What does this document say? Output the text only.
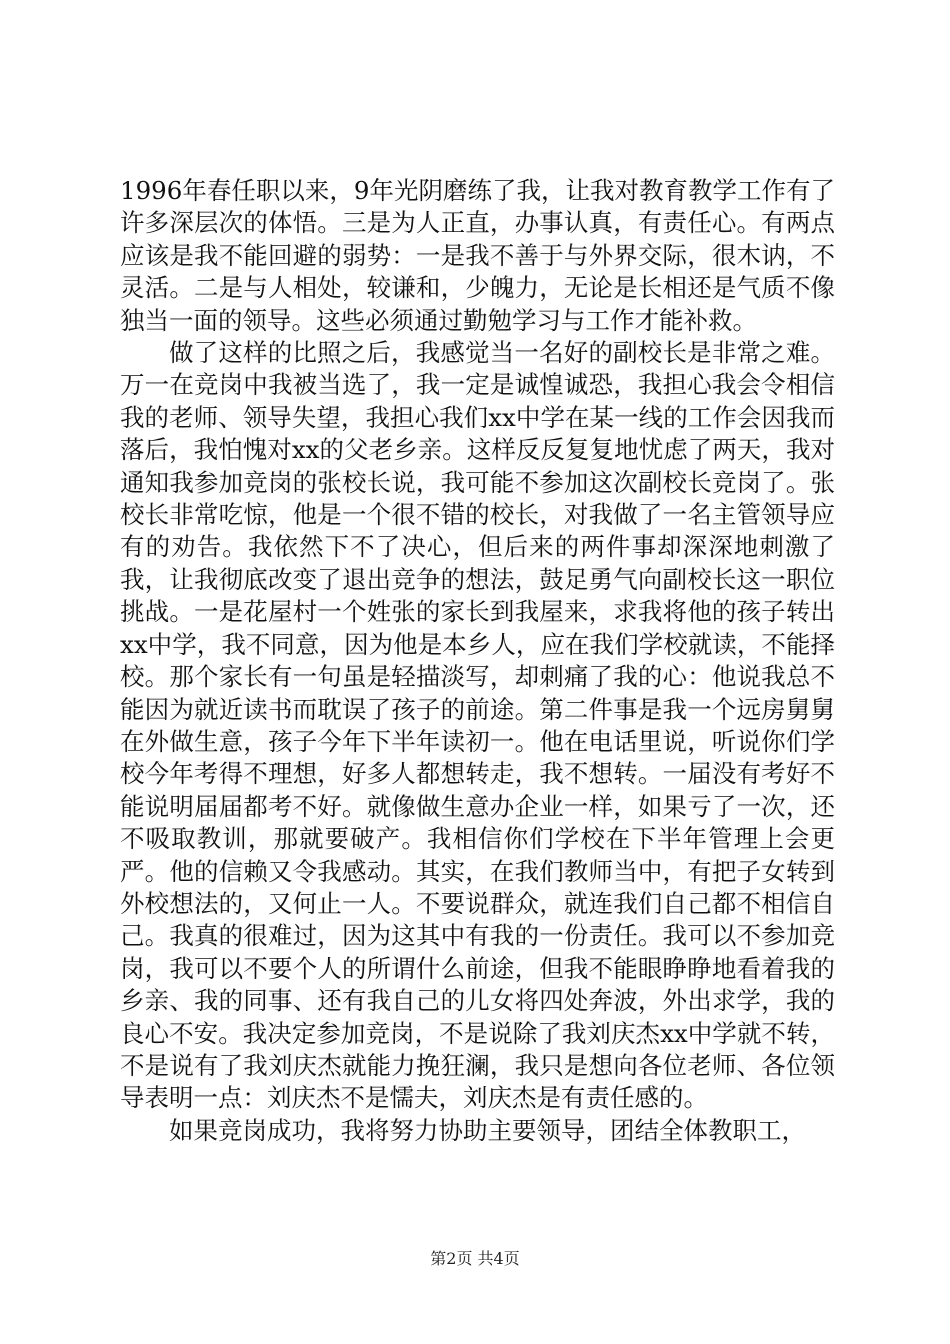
1996年春任职以来，9年光阴磨练了我，让我对教育教学工作有了许多深层次的体悟。三是为人正直，办事认真，有责任心。有两点应该是我不能回避的弱势：一是我不善于与外界交际，很木讷，不灵活。二是与人相处，较谦和，少魄力，无论是长相还是气质不像独当一面的领导。这些必须通过勤勉学习与工作才能补救。

做了这样的比照之后，我感觉当一名好的副校长是非常之难。万一在竞岗中我被当选了，我一定是诚惶诚恐，我担心我会令相信我的老师、领导失望，我担心我们xx中学在某一线的工作会因我而落后，我怕愧对xx的父老乡亲。这样反反复复地忧虑了两天，我对通知我参加竞岗的张校长说，我可能不参加这次副校长竞岗了。张校长非常吃惊，他是一个很不错的校长，对我做了一名主管领导应有的劝告。我依然下不了决心，但后来的两件事却深深地刺激了我，让我彻底改变了退出竞争的想法，鼓足勇气向副校长这一职位挑战。一是花屋村一个姓张的家长到我屋来，求我将他的孩子转出xx中学，我不同意，因为他是本乡人，应在我们学校就读，不能择校。那个家长有一句虽是轻描淡写，却刺痛了我的心：他说我总不能因为就近读书而耽误了孩子的前途。第二件事是我一个远房舅舅在外做生意，孩子今年下半年读初一。他在电话里说，听说你们学校今年考得不理想，好多人都想转走，我不想转。一届没有考好不能说明届届都考不好。就像做生意办企业一样，如果亏了一次，还不吸取教训，那就要破产。我相信你们学校在下半年管理上会更严。他的信赖又令我感动。其实，在我们教师当中，有把子女转到外校想法的，又何止一人。不要说群众，就连我们自己都不相信自己。我真的很难过，因为这其中有我的一份责任。我可以不参加竞岗，我可以不要个人的所谓什么前途，但我不能眼睁睁地看着我的乡亲、我的同事、还有我自己的儿女将四处奔波，外出求学，我的良心不安。我决定参加竞岗，不是说除了我刘庆杰xx中学就不转，不是说有了我刘庆杰就能力挽狂澜，我只是想向各位老师、各位领导表明一点：刘庆杰不是懦夫，刘庆杰是有责任感的。

如果竞岗成功，我将努力协助主要领导，团结全体教职工，

第2页 共4页
